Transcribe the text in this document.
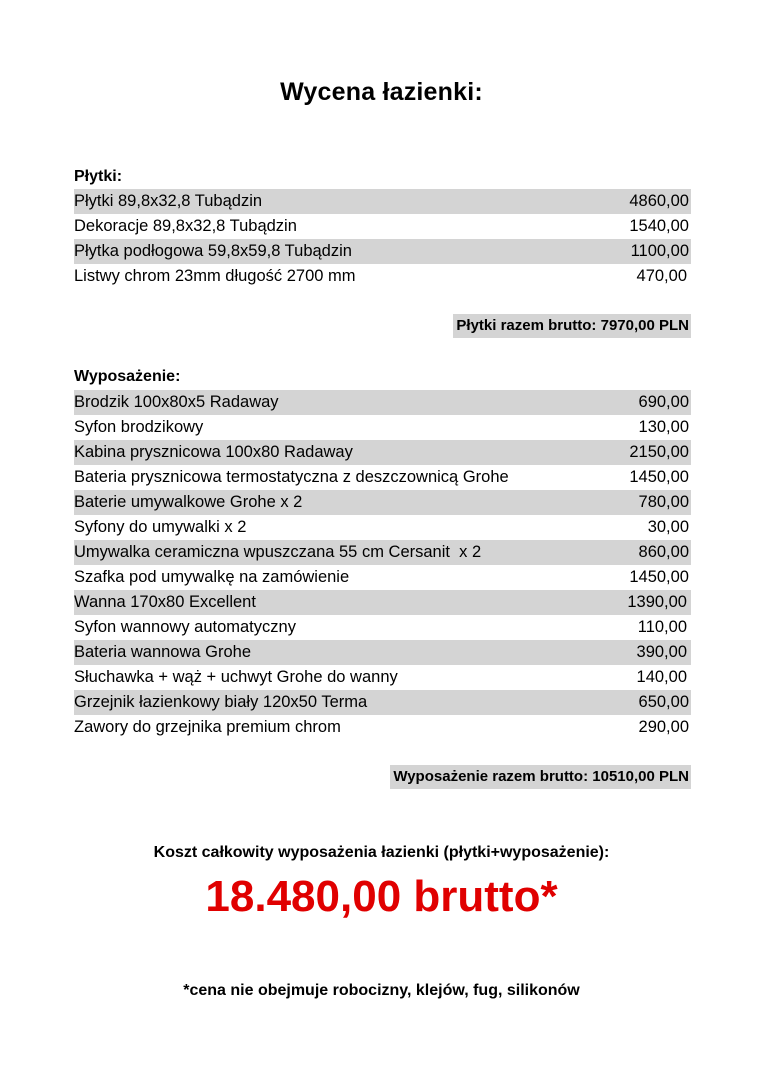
Wycena łazienki:
Płytki:
Płytki 89,8x32,8 Tubądzin	4860,00
Dekoracje 89,8x32,8 Tubądzin	1540,00
Płytka podłogowa 59,8x59,8 Tubądzin	1100,00
Listwy chrom 23mm długość 2700 mm	470,00
Płytki razem brutto: 7970,00 PLN
Wyposażenie:
Brodzik 100x80x5 Radaway	690,00
Syfon brodzikowy	130,00
Kabina prysznicowa 100x80 Radaway	2150,00
Bateria prysznicowa termostatyczna z deszczownicą Grohe	1450,00
Baterie umywalkowe Grohe x 2	780,00
Syfony do umywalki x 2	30,00
Umywalka ceramiczna wpuszczana 55 cm Cersanit  x 2	860,00
Szafka pod umywalkę na zamówienie	1450,00
Wanna 170x80 Excellent	1390,00
Syfon wannowy automatyczny	110,00
Bateria wannowa Grohe	390,00
Słuchawka + wąż + uchwyt Grohe do wanny	140,00
Grzejnik łazienkowy biały 120x50 Terma	650,00
Zawory do grzejnika premium chrom	290,00
Wyposażenie razem brutto: 10510,00 PLN
Koszt całkowity wyposażenia łazienki (płytki+wyposażenie):
18.480,00 brutto*
*cena nie obejmuje robocizny, klejów, fug, silikonów
